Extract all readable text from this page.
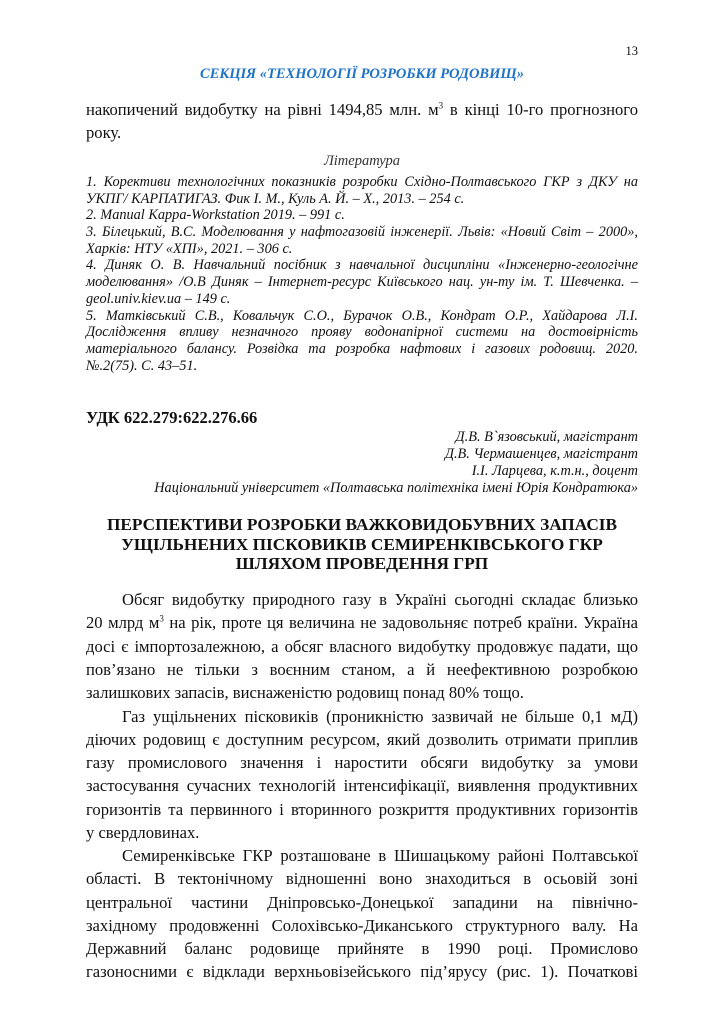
13
СЕКЦІЯ «ТЕХНОЛОГІЇ РОЗРОБКИ РОДОВИЩ»
накопичений видобутку на рівні 1494,85 млн. $м^3$ в кінці 10-го прогнозного
року.
Література
1. Корективи технологічних показників розробки Східно-Полтавського ГКР з ДКУ на
УКПГ/ КАРПАТИГАЗ. Фик І. М., Куль А. Й. – Х., 2013. – 254 с.
2. Manual Kappa-Workstation 2019. – 991 с.
3. Білецький, В.С. Моделювання у нафтогазовій інженерії. Львів: «Новий Світ – 2000»,
Харків: НТУ «ХПІ», 2021. – 306 с.
4. Диняк О. В. Навчальний посібник з навчальної дисципліни «Інженерно-геологічне
моделювання» /О.В Диняк – Інтернет-ресурс Київського нац. ун-ту ім. Т. Шевченка. –
geol.univ.kiev.ua – 149 с.
5. Матківський С.В., Ковальчук С.О., Бурачок О.В., Кондрат О.Р., Хайдарова Л.І.
Дослідження впливу незначного прояву водонапірної системи на достовірність
матеріального балансу. Розвідка та розробка нафтових і газових родовищ. 2020.
№.2(75). С. 43–51.
УДК 622.279:622.276.66
Д.В. В`язовський, магістрант
Д.В. Чермашенцев, магістрант
І.І. Ларцева, к.т.н., доцент
Національний університет «Полтавська політехніка імені Юрія Кондратюка»
ПЕРСПЕКТИВИ РОЗРОБКИ ВАЖКОВИДОБУВНИХ ЗАПАСІВ
УЩІЛЬНЕНИХ ПІСКОВИКІВ СЕМИРЕНКІВСЬКОГО ГКР
ШЛЯХОМ ПРОВЕДЕННЯ ГРП
Обсяг видобутку природного газу в Україні сьогодні складає близько
20 млрд $м^3$ на рік, проте ця величина не задовольняє потреб країни. Україна
досі є імпортозалежною, а обсяг власного видобутку продовжує падати, що
пов’язано не тільки з воєнним станом, а й неефективною розробкою
залишкових запасів, виснаженістю родовищ понад 80% тощо.
Газ ущільнених пісковиків (проникністю зазвичай не більше 0,1 мД)
діючих родовищ є доступним ресурсом, який дозволить отримати приплив
газу промислового значення і наростити обсяги видобутку за умови
застосування сучасних технологій інтенсифікації, виявлення продуктивних
горизонтів та первинного і вторинного розкриття продуктивних горизонтів
у свердловинах.
Семиренківське ГКР розташоване в Шишацькому районі Полтавської
області. В тектонічному відношенні воно знаходиться в осьовій зоні
центральної частини Дніпровсько-Донецької западини на північно-
західному продовженні Солохівсько-Диканського структурного валу. На
Державний баланс родовище прийняте в 1990 році. Промислово
газоносними є відклади верхньовізейського під’ярусу (рис. 1). Початкові
